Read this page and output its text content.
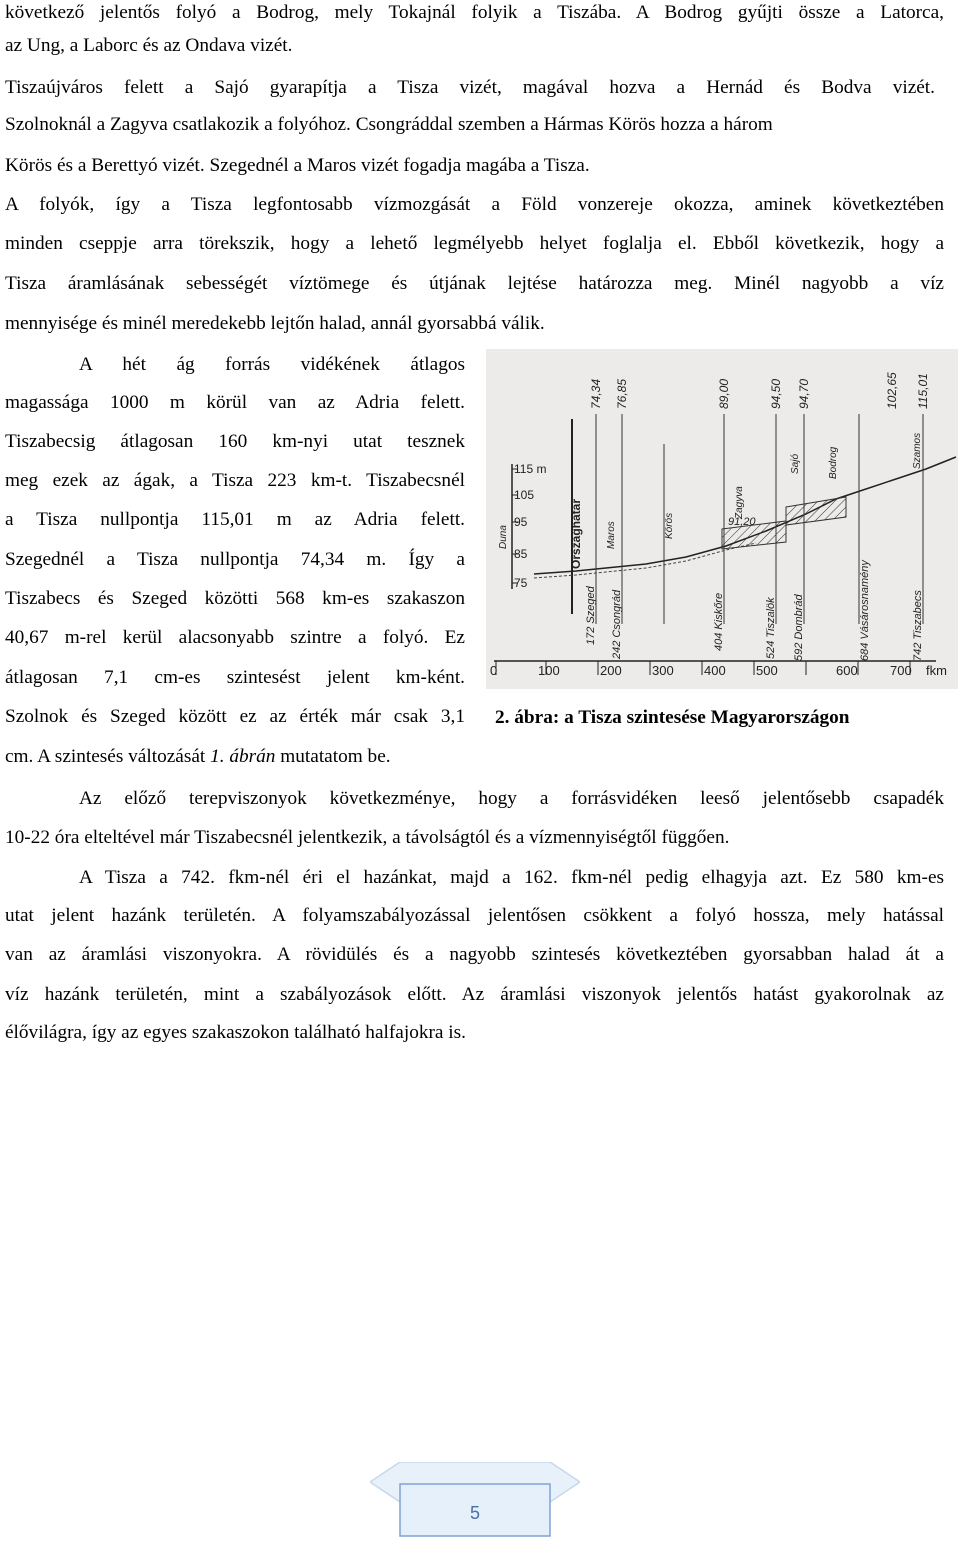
következő jelentős folyó a Bodrog, mely Tokajnál folyik a Tiszába. A Bodrog gyűjti össze a Latorca,
az Ung, a Laborc és az Ondava vizét.
Tiszaújváros felett a Sajó gyarapítja a Tisza vizét, magával hozva a Hernád és Bodva vizét.
Szolnoknál a Zagyva csatlakozik a folyóhoz. Csongráddal szemben a Hármas Körös hozza a három
Körös és a Berettyó vizét. Szegednél a Maros vizét fogadja magába a Tisza.
A folyók, így a Tisza legfontosabb vízmozgását a Föld vonzereje okozza, aminek következtében
minden cseppje arra törekszik, hogy a lehető legmélyebb helyet foglalja el. Ebből következik, hogy a
Tisza áramlásának sebességét víztömege és útjának lejtése határozza meg. Minél nagyobb a víz
mennyisége és minél meredekebb lejtőn halad, annál gyorsabbá válik.
A hét ág forrás vidékének átlagos
magassága 1000 m körül van az Adria felett.
Tiszabecsig átlagosan 160 km-nyi utat tesznek
meg ezek az ágak, a Tisza 223 km-t. Tiszabecsnél
a Tisza nullpontja 115,01 m az Adria felett.
Szegednél a Tisza nullpontja 74,34 m. Így a
Tiszabecs és Szeged közötti 568 km-es szakaszon
40,67 m-rel kerül alacsonyabb szintre a folyó. Ez
átlagosan 7,1 cm-es szintesést jelent km-ként.
Szolnok és Szeged között ez az érték már csak 3,1
cm. A szintesés változását 1. ábrán mutatatom be.
115 m
105
95
85
75
Országhatár
74,34 76,85	89,00	94,50 94,70	102,65 115,01
Duna	Maros	Körös
Zagyva
Sajó	Bodrog	Szamos
91,20
172 Szeged 242 Csongrád	404 Kiskőre	524 Tiszalök 592 Dombrád	684 Vásárosnamény	742 Tiszabecs
0	100	200 300 400 500	600 700 fkm
2. ábra: a Tisza szintesése Magyarországon
Az előző terepviszonyok következménye, hogy a forrásvidéken leeső jelentősebb csapadék
10-22 óra elteltével már Tiszabecsnél jelentkezik, a távolságtól és a vízmennyiségtől függően.
A Tisza a 742. fkm-nél éri el hazánkat, majd a 162. fkm-nél pedig elhagyja azt. Ez 580 km-es
utat jelent hazánk területén. A folyamszabályozással jelentősen csökkent a folyó hossza, mely hatással
van az áramlási viszonyokra. A rövidülés és a nagyobb szintesés következtében gyorsabban halad át a
víz hazánk területén, mint a szabályozások előtt. Az áramlási viszonyok jelentős hatást gyakorolnak az
élővilágra, így az egyes szakaszokon található halfajokra is.
5
